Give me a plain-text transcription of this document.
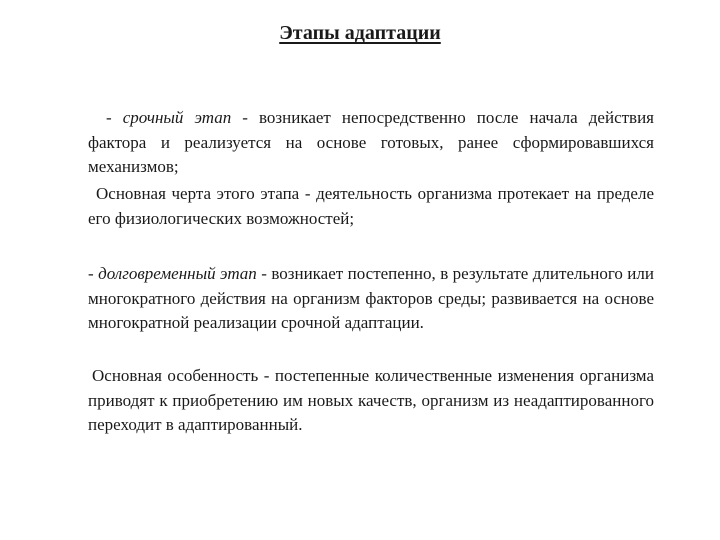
Этапы адаптации
- срочный этап - возникает непосредственно после начала действия фактора и реализуется на основе готовых, ранее сформировавшихся механизмов;
Основная черта этого этапа - деятельность организма протекает на пределе его физиологических возможностей;
- долговременный этап - возникает постепенно, в результате длительного или многократного действия на организм факторов среды; развивается на основе многократной реализации срочной адаптации.
Основная особенность - постепенные количественные изменения организма приводят к приобретению им новых качеств, организм из неадаптированного переходит в адаптированный.
